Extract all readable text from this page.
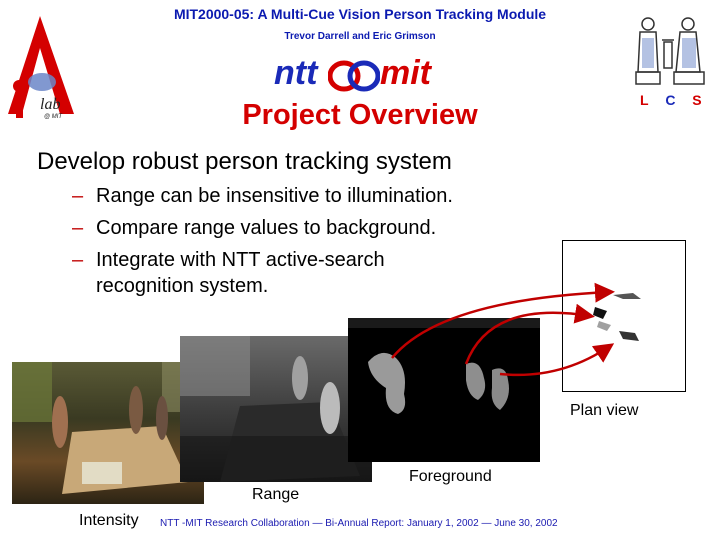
MIT2000-05: A Multi-Cue Vision Person Tracking Module
Trevor Darrell and Eric Grimson
lab
@ MIT
ntt mit
L C S
Project Overview
Develop robust person tracking system
– Range can be insensitive to illumination.
– Compare range values to background.
– Integrate with NTT active-search
recognition system.
Intensity
Range
Foreground
Plan view
NTT -MIT Research Collaboration — Bi-Annual Report: January 1, 2002 — June 30, 2002
